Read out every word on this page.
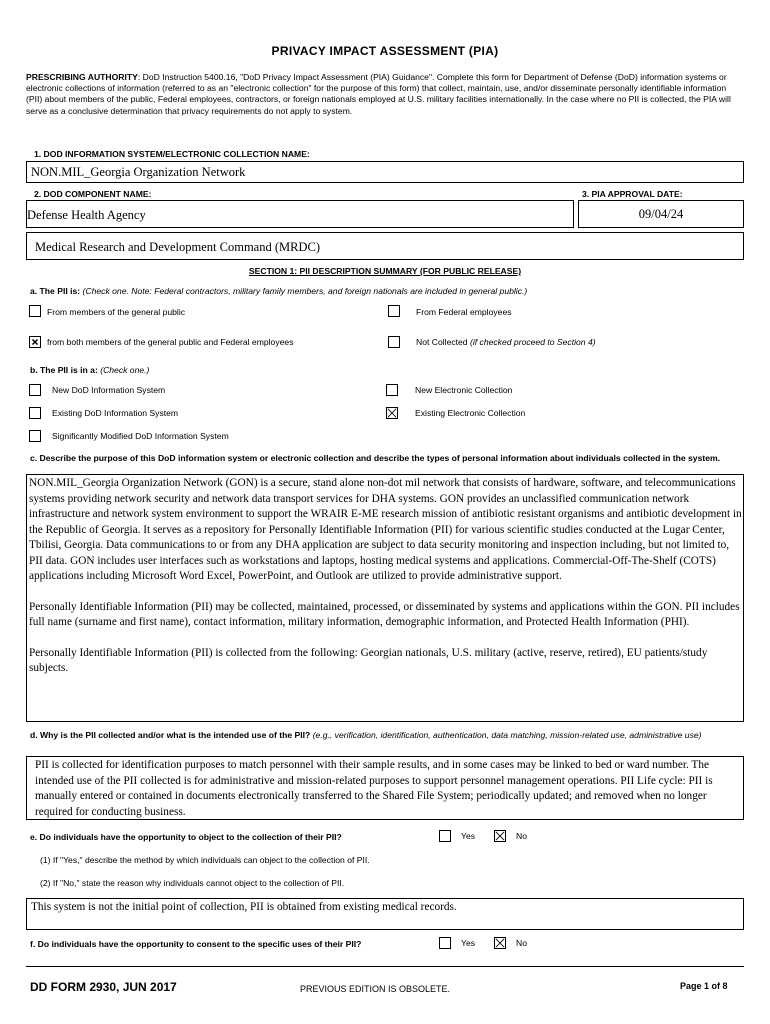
PRIVACY IMPACT ASSESSMENT (PIA)
PRESCRIBING AUTHORITY: DoD Instruction 5400.16, "DoD Privacy Impact Assessment (PIA) Guidance". Complete this form for Department of Defense (DoD) information systems or electronic collections of information (referred to as an "electronic collection" for the purpose of this form) that collect, maintain, use, and/or disseminate personally identifiable information (PII) about members of the public, Federal employees, contractors, or foreign nationals employed at U.S. military facilities internationally. In the case where no PII is collected, the PIA will serve as a conclusive determination that privacy requirements do not apply to system.
1. DOD INFORMATION SYSTEM/ELECTRONIC COLLECTION NAME:
NON.MIL_Georgia Organization Network
2. DOD COMPONENT NAME:	3. PIA APPROVAL DATE:
Defense Health Agency	09/04/24
Medical Research and Development Command (MRDC)
SECTION 1: PII DESCRIPTION SUMMARY (FOR PUBLIC RELEASE)
a. The PII is: (Check one. Note: Federal contractors, military family members, and foreign nationals are included in general public.)
From members of the general public	From Federal employees
from both members of the general public and Federal employees	Not Collected (if checked proceed to Section 4)
b. The PII is in a: (Check one.)
New DoD Information System	New Electronic Collection
Existing DoD Information System	Existing Electronic Collection
Significantly Modified DoD Information System
c. Describe the purpose of this DoD information system or electronic collection and describe the types of personal information about individuals collected in the system.

NON.MIL_Georgia Organization Network (GON) is a secure, stand alone non-dot mil network that consists of hardware, software, and telecommunications systems providing network security and network data transport services for DHA systems. GON provides an unclassified communication network infrastructure and network system environment to support the WRAIR E-ME research mission of antibiotic resistant organisms and antibiotic development in the Republic of Georgia. It serves as a repository for Personally Identifiable Information (PII) for various scientific studies conducted at the Lugar Center, Tbilisi, Georgia. Data communications to or from any DHA application are subject to data security monitoring and inspection including, but not limited to, PII data. GON includes user interfaces such as workstations and laptops, hosting medical systems and applications. Commercial-Off-The-Shelf (COTS) applications including Microsoft Word Excel, PowerPoint, and Outlook are utilized to provide administrative support.

Personally Identifiable Information (PII) may be collected, maintained, processed, or disseminated by systems and applications within the GON. PII includes full name (surname and first name), contact information, military information, demographic information, and Protected Health Information (PHI).

Personally Identifiable Information (PII) is collected from the following: Georgian nationals, U.S. military (active, reserve, retired), EU patients/study subjects.

d. Why is the PII collected and/or what is the intended use of the PII? (e.g., verification, identification, authentication, data matching, mission-related use, administrative use)
PII is collected for identification purposes to match personnel with their sample results, and in some cases may be linked to bed or ward number. The intended use of the PII collected is for administrative and mission-related purposes to support personnel management operations. PII Life cycle: PII is manually entered or contained in documents electronically transferred to the Shared File System; periodically updated; and removed when no longer required for conducting business.
e. Do individuals have the opportunity to object to the collection of their PII?	Yes	No
(1) If "Yes," describe the method by which individuals can object to the collection of PII.
(2) If "No," state the reason why individuals cannot object to the collection of PII.
This system is not the initial point of collection, PII is obtained from existing medical records.
f. Do individuals have the opportunity to consent to the specific uses of their PII?	Yes	No
DD FORM 2930, JUN 2017	PREVIOUS EDITION IS OBSOLETE.	Page 1 of 8
